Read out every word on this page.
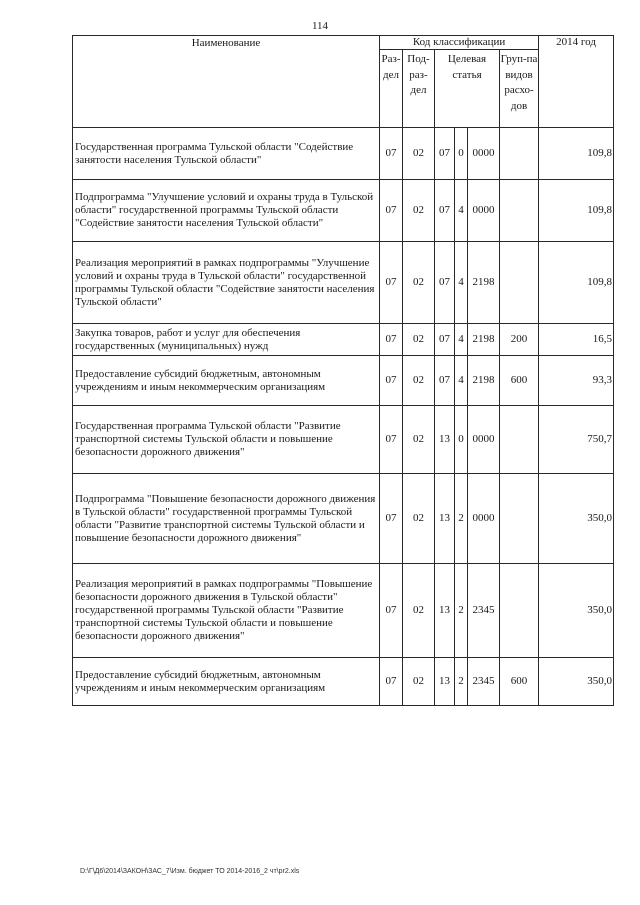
114
Наименование	Код классификации						2014 год
	Раз-дел	Под-раз-дел	Целевая статья			Груп-па видов расхо-дов	
Государственная программа Тульской области "Содействие занятости населения Тульской области"	07	02	07	0	0000		109,8
Подпрограмма "Улучшение условий и охраны труда в Тульской области" государственной программы Тульской области "Содействие занятости населения Тульской области"	07	02	07	4	0000		109,8
Реализация мероприятий в рамках подпрограммы "Улучшение условий и охраны труда в Тульской области" государственной программы Тульской области "Содействие занятости населения Тульской области"	07	02	07	4	2198		109,8
Закупка товаров, работ и услуг для обеспечения государственных (муниципальных) нужд	07	02	07	4	2198	200	16,5
Предоставление субсидий бюджетным, автономным учреждениям и иным некоммерческим организациям	07	02	07	4	2198	600	93,3
Государственная программа Тульской области "Развитие транспортной системы Тульской области и повышение безопасности дорожного движения"	07	02	13	0	0000		750,7
Подпрограмма "Повышение безопасности дорожного движения в Тульской области" государственной программы Тульской области "Развитие транспортной системы Тульской области и повышение безопасности дорожного движения"	07	02	13	2	0000		350,0
Реализация мероприятий в рамках подпрограммы "Повышение безопасности дорожного движения в Тульской области" государственной программы Тульской области "Развитие транспортной системы Тульской области и повышение безопасности дорожного движения"	07	02	13	2	2345		350,0
Предоставление субсидий бюджетным, автономным учреждениям и иным некоммерческим организациям	07	02	13	2	2345	600	350,0
D:\Г\Д6\2014\ЗАКОН\ЗАС_7\Изм. бюджет ТО 2014-2016_2 чт\pr2.xls
